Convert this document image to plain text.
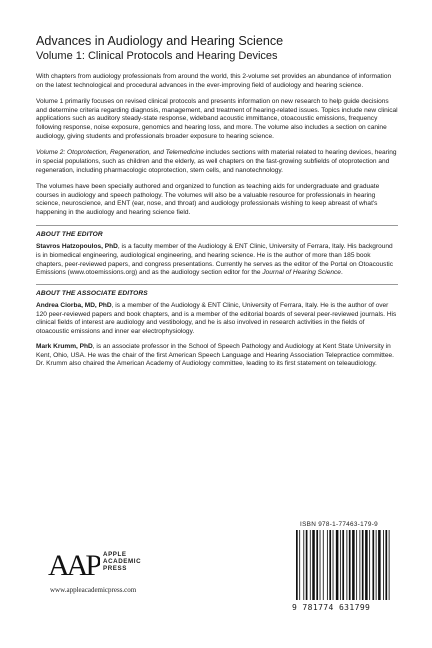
Advances in Audiology and Hearing Science
Volume 1: Clinical Protocols and Hearing Devices

With chapters from audiology professionals from around the world, this 2-volume set provides an abundance of information on the latest technological and procedural advances in the ever-improving field of audiology and hearing science.

Volume 1 primarily focuses on revised clinical protocols and presents information on new research to help guide decisions and determine criteria regarding diagnosis, management, and treatment of hearing-related issues. Topics include new clinical applications such as auditory steady-state response, wideband acoustic immittance, otoacoustic emissions, frequency following response, noise exposure, genomics and hearing loss, and more. The volume also includes a section on canine audiology, giving students and professionals broader exposure to hearing science.

Volume 2: Otoprotection, Regeneration, and Telemedicine includes sections with material related to hearing devices, hearing in special populations, such as children and the elderly, as well chapters on the fast-growing subfields of otoprotection and regeneration, including pharmacologic otoprotection, stem cells, and nanotechnology.

The volumes have been specially authored and organized to function as teaching aids for undergraduate and graduate courses in audiology and speech pathology. The volumes will also be a valuable resource for professionals in hearing science, neuroscience, and ENT (ear, nose, and throat) and audiology professionals wishing to keep abreast of what's happening in the audiology and hearing science field.

ABOUT THE EDITOR

Stavros Hatzopoulos, PhD, is a faculty member of the Audiology & ENT Clinic, University of Ferrara, Italy. His background is in biomedical engineering, audiological engineering, and hearing science. He is the author of more than 185 book chapters, peer-reviewed papers, and congress presentations. Currently he serves as the editor of the Portal on Otoacoustic Emissions (www.otoemissions.org) and as the audiology section editor for the Journal of Hearing Science.

ABOUT THE ASSOCIATE EDITORS

Andrea Ciorba, MD, PhD, is a member of the Audiology & ENT Clinic, University of Ferrara, Italy. He is the author of over 120 peer-reviewed papers and book chapters, and is a member of the editorial boards of several peer-reviewed journals. His clinical fields of interest are audiology and vestibology, and he is also involved in research activities in the fields of otoacoustic emissions and inner ear electrophysiology.

Mark Krumm, PhD, is an associate professor in the School of Speech Pathology and Audiology at Kent State University in Kent, Ohio, USA. He was the chair of the first American Speech Language and Hearing Association Telepractice committee. Dr. Krumm also chaired the American Academy of Audiology committee, leading to its first statement on teleaudiology.

AAP APPLE
ACADEMIC
PRESS
www.appleacademicpress.com
ISBN 978-1-77463-179-9
9 781774 631799
